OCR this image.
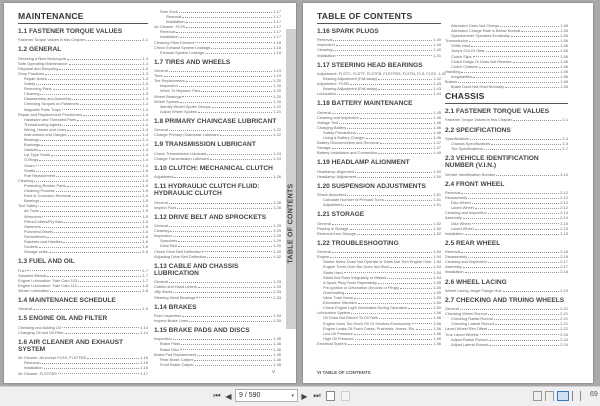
MAINTENANCE
1.1 FASTENER TORQUE VALUES
Fastener Torque Values in this Chapter	1-1
1.2 GENERAL
Servicing a New Motorcycle	1-3
Safe Operating Maintenance	1-3
Disposal and Recycling	1-3
Shop Practices	1-3
Repair Notes	1-3
Safety	1-3
Removing Parts	1-3
Cleaning	1-3
Disassembly and Assembly	1-3
Checking Torques on Fasteners	1-3
Magnetic Parts Trays	1-4
Repair and Replacement Procedures	1-4
Hardware and Threaded Parts	1-4
Threadlocking Agents	1-4
Wiring, Hoses and Lines	1-4
Instruments and Gauges	1-4
Bearings	1-4
Bushings	1-4
Gaskets	1-4
Lip-Type Seals	1-4
O-Rings	1-4
Gears	1-4
Shafts	1-5
Part Replacement	1-5
Cleaning	1-5
Protecting Rubber Parts	1-5
Cleaning Process	1-5
Rust or Corrosion Removal	1-5
Bearings	1-5
Tool Safety	1-5
Air Tools	1-5
Wrenches	1-5
Pliers/Cutters/Pry Bars	1-5
Hammers	1-5
Punches/Chisels	1-6
Screwdrivers	1-6
Ratchets and Handles	1-6
Sockets	1-6
Storage Units	1-6
1.3 FUEL AND OIL
Fuel	1-7
Gasoline Blends	1-7
Engine Lubrication: Twin Cam 103	1-7
Engine Lubrication: Twin Cam 110	1-8
Winter Lubrication	1-8
1.4 MAINTENANCE SCHEDULE
General	1-9
1.5 ENGINE OIL AND FILTER
Checking and Adding Oil	1-14
Changing Oil and Oil Filter	1-14
1.6 AIR CLEANER AND EXHAUST SYSTEM
Air Cleaner: All except FLSS, FLSTFBS	1-16
Removal	1-16
Installation	1-16
Air Cleaner: FLSTFBS	1-17
Rain Sock	1-17
Removal	1-17
Installation	1-17
Air Cleaner: FLSS	1-17
Removal	1-17
Installation	1-17
Cleaning Filter Element	1-18
Check Exhaust System Leakage	1-18
Exhaust System Leakage	1-18
1.7 TIRES AND WHEELS
General	1-19
Tires	1-19
Tire Replacement	1-20
Inspection	1-20
When To Replace Tires	1-20
Wheel Bearings	1-20
Wheel Spokes	1-20
Identify Wheel Spoke Groups	1-20
Adjust Wheel Spokes	1-21
1.8 PRIMARY CHAINCASE LUBRICANT
General	1-22
Change Primary Chaincase Lubricant	1-22
1.9 TRANSMISSION LUBRICANT
Check Transmission Lubricant	1-24
Change Transmission Lubricant	1-24
1.10 CLUTCH: MECHANICAL CLUTCH
Adjustment	1-26
1.11 HYDRAULIC CLUTCH FLUID: HYDRAULIC CLUTCH
General	1-28
Inspect Fluid	1-28
1.12 DRIVE BELT AND SPROCKETS
General	1-29
Cleaning	1-29
Inspection	1-29
Sprockets	1-29
Drive Belt	1-29
Check Drive Belt Deflection	1-30
Adjusting Drive Belt Deflection	1-32
1.13 CABLE AND CHASSIS LUBRICATION
General	1-33
Cables and Hand Levers	1-33
Jiffy Stand	1-33
Steering Head Bearings	1-33
1.14 BRAKES
Fluid Inspection	1-34
Inspect Brake Lines	1-35
1.15 BRAKE PADS AND DISCS
Inspection	1-36
Brake Pads	1-36
Brake Disc	1-36
Brake Pad Replacement	1-36
Rear Brake Caliper	1-36
Front Brake Caliper	1-38
TABLE OF CONTENTS
V
TABLE OF CONTENTS
1.16 SPARK PLUGS
Removal	1-40
Inspection	1-40
Cleaning	1-40
Installation	1-41
1.17 STEERING HEAD BEARINGS
Adjustment: FLSTC, FLSTF, FLSTFB, FLSTFBS, FLSTN, FLS, FLSS 1-42
Bearing Adjustment (Fall-away)	1-42
Adjustment: FXSB	1-43
Bearing Adjustment (Fall-away)	1-43
Lubrication	1-44
1.18 BATTERY MAINTENANCE
General	1-45
Cleaning and Inspection	1-46
Voltage Test	1-46
Charging Battery	1-46
Safety Precautions	1-46
Using a Battery Charger	1-46
Battery Disconnection and Removal	1-47
Storage	1-47
Battery Installation and Connection	1-49
1.19 HEADLAMP ALIGNMENT
Headlamp: Alignment	1-50
Headlamp: Adjustment	1-50
1.20 SUSPENSION ADJUSTMENTS
Shock Absorbers	1-51
Calculate Number of Preload Turns	1-51
Adjustment	1-51
1.21 STORAGE
General	1-52
Placing in Storage	1-52
Removal from Storage	1-52
1.22 TROUBLESHOOTING
General	1-54
Engine	1-54
Starter Motor Does Not Operate or Does Not Turn Engine Over 1-54
Engine Turns Over But Does Not Start	1-54
Starts Hard	1-54
Starts But Runs Irregularly or Misses	1-54
A Spark Plug Fouls Repeatedly	1-55
Pre-Ignition or Detonation (Knocks or Pings)	1-55
Overheating	1-55
Valve Train Noise	1-55
Excessive Vibration	1-55
Check Engine Light Illuminates During Operation	1-55
Lubrication System	1-56
Oil Does Not Return To Oil Tank	1-56
Engine Uses Too Much Oil Or Smokes Excessively	1-56
Engine Leaks Oil From Cases, Pushrods, Hoses, Etc.	1-56
Low Oil Pressure	1-56
High Oil Pressure	1-56
Electrical System	1-56
Alternator Does Not Charge	1-56
Alternator Charge Rate is Below Normal	1-56
Speedometer Operates Erratically	1-56
Transmission	1-56
Shifts Hard	1-56
Jumps Out Of Gear	1-56
Clutch Slips	1-56
Clutch Drags Or Does Not Release	1-56
Clutch Chatters	1-56
Handling	1-56
Irregularities	1-56
Brakes	1-56
Brake Does Not Hold Normally	1-56
CHASSIS
2.1 FASTENER TORQUE VALUES
Fastener Torque Values in this Chapter	2-1
2.2 SPECIFICATIONS
Specifications	2-4
Chassis Specifications	2-4
Tire Specifications	2-7
2.3 VEHICLE IDENTIFICATION NUMBER (V.I.N.)
Vehicle Identification Number	2-10
2.4 FRONT WHEEL
Removal	2-12
Disassembly	2-12
Disc Wheel	2-12
Laced Wheel	2-12
Cleaning and Inspection	2-14
Assembly	2-14
Disc Wheel	2-15
Laced Wheel	2-15
Installation	2-15
2.5 REAR WHEEL
Removal	2-16
Disassembly	2-16
Cleaning and Inspection	2-17
Assembly	2-17
Installation	2-18
2.6 WHEEL LACING
Wheel Lacing: Angle Flange Hub	2-19
2.7 CHECKING AND TRUING WHEELS
General	2-21
Checking Wheel Runout	2-21
Checking Radial Runout	2-21
Checking Lateral Runout	2-21
Laced Wheel Rim Offset	2-22
True Laced Wheels	2-24
Adjust Radial Runout	2-24
Adjust Lateral Runout	2-24
VI TABLE OF CONTENTS
⏮ ◀ 9 / 590	▾ ▶ ⏭	69
